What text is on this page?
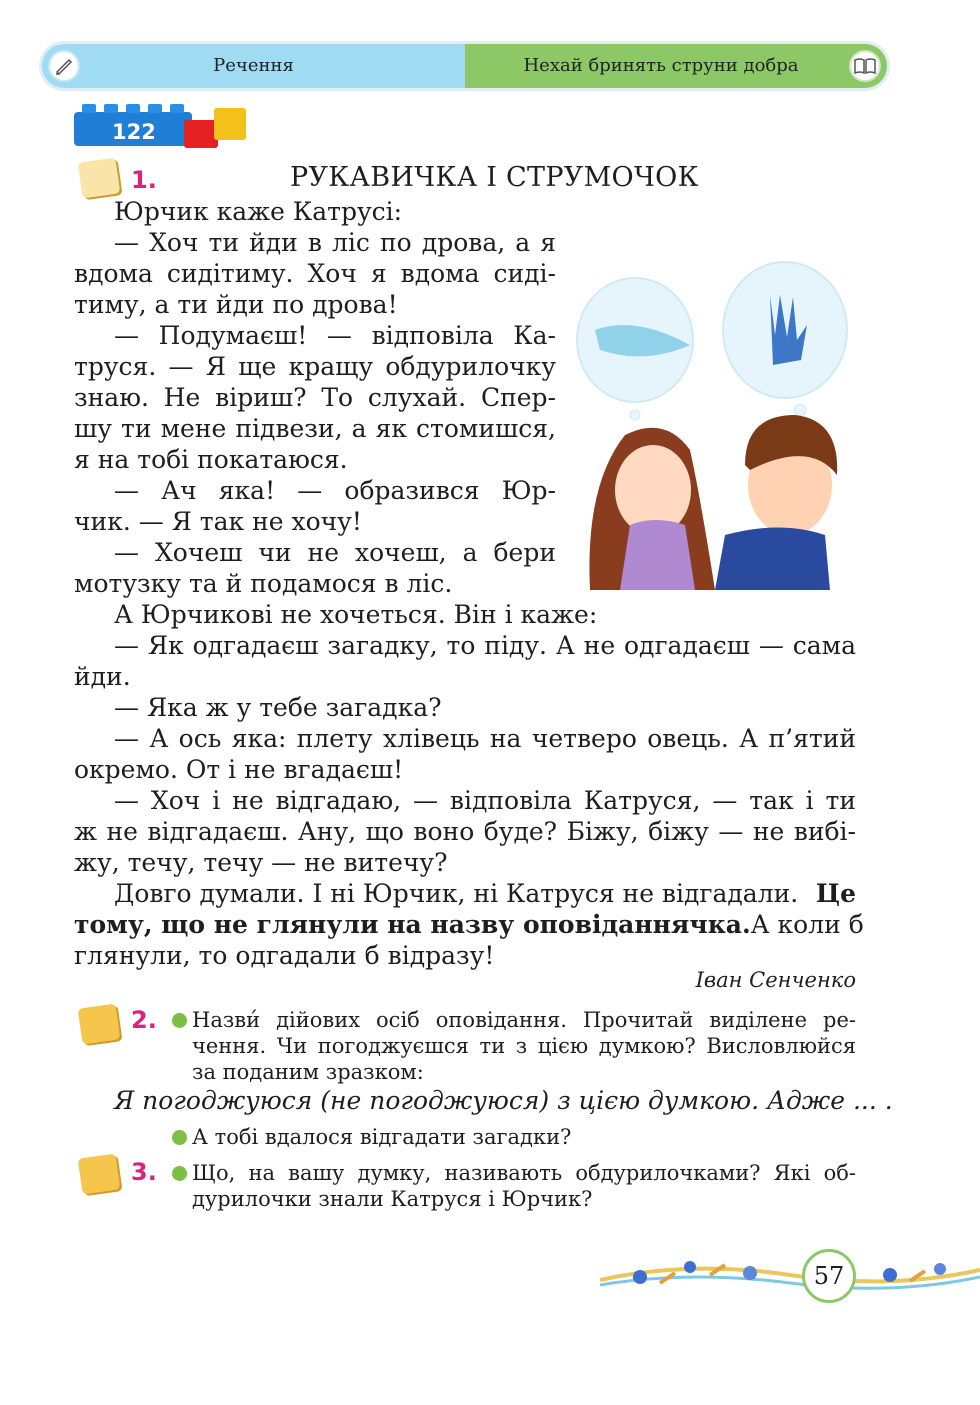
Речення	Нехай бринять струни добра
122
1.	РУКАВИЧКА І СТРУМОЧОК
Юрчик каже Катрусі:
— Хоч ти йди в ліс по дрова, а я
вдома сидітиму. Хоч я вдома сиді-
тиму, а ти йди по дрова!
— Подумаєш! — відповіла Ка-
труся. — Я ще кращу обдурилочку
знаю. Не віриш? То слухай. Спер-
шу ти мене підвези, а як стомишся,
я на тобі покатаюся.
— Ач яка! — образився Юр-
чик. — Я так не хочу!
— Хочеш чи не хочеш, а бери
мотузку та й подамося в ліс.
А Юрчикові не хочеться. Він і каже:
— Як одгадаєш загадку, то піду. А не одгадаєш — сама
йди.
— Яка ж у тебе загадка?
— А ось яка: плету хлівець на четверо овець. А п’ятий
окремо. От і не вгадаєш!
— Хоч і не відгадаю, — відповіла Катруся, — так і ти
ж не відгадаєш. Ану, що воно буде? Біжу, біжу — не вибі-
жу, течу, течу — не витечу?
Довго думали. І ні Юрчик, ні Катруся не відгадали. Це
тому, що не глянули на назву оповіданнячка. А коли б
глянули, то одгадали б відразу!
Іван Сенченко
2. Назви́ дійових осіб оповідання. Прочитай виділене ре-
чення. Чи погоджуєшся ти з цією думкою? Висловлюйся
за поданим зразком:
Я погоджуюся (не погоджуюся) з цією думкою. Адже ... .
А тобі вдалося відгадати загадки?
3. Що, на вашу думку, називають обдурилочками? Які об-
дурилочки знали Катруся і Юрчик?
57
